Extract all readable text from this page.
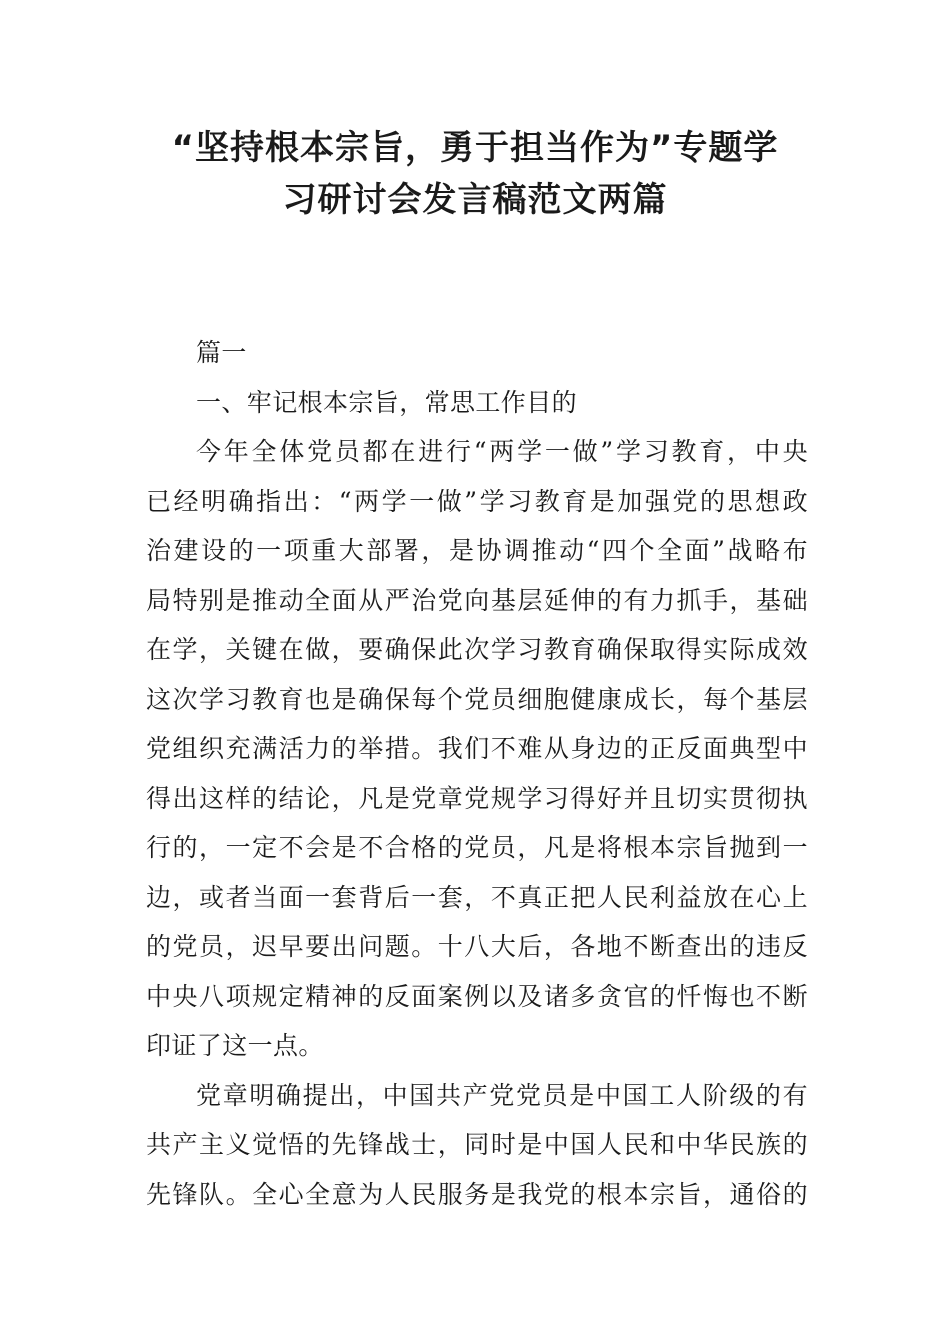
“坚持根本宗旨，勇于担当作为”专题学
习研讨会发言稿范文两篇
篇一
一、牢记根本宗旨，常思工作目的
今年全体党员都在进行“两学一做”学习教育，中央
已经明确指出：“两学一做”学习教育是加强党的思想政
治建设的一项重大部署，是协调推动“四个全面”战略布
局特别是推动全面从严治党向基层延伸的有力抓手，基础
在学，关键在做，要确保此次学习教育确保取得实际成效
这次学习教育也是确保每个党员细胞健康成长，每个基层
党组织充满活力的举措。我们不难从身边的正反面典型中
得出这样的结论，凡是党章党规学习得好并且切实贯彻执
行的，一定不会是不合格的党员，凡是将根本宗旨抛到一
边，或者当面一套背后一套，不真正把人民利益放在心上
的党员，迟早要出问题。十八大后，各地不断查出的违反
中央八项规定精神的反面案例以及诸多贪官的忏悔也不断
印证了这一点。
党章明确提出，中国共产党党员是中国工人阶级的有
共产主义觉悟的先锋战士，同时是中国人民和中华民族的
先锋队。全心全意为人民服务是我党的根本宗旨，通俗的
